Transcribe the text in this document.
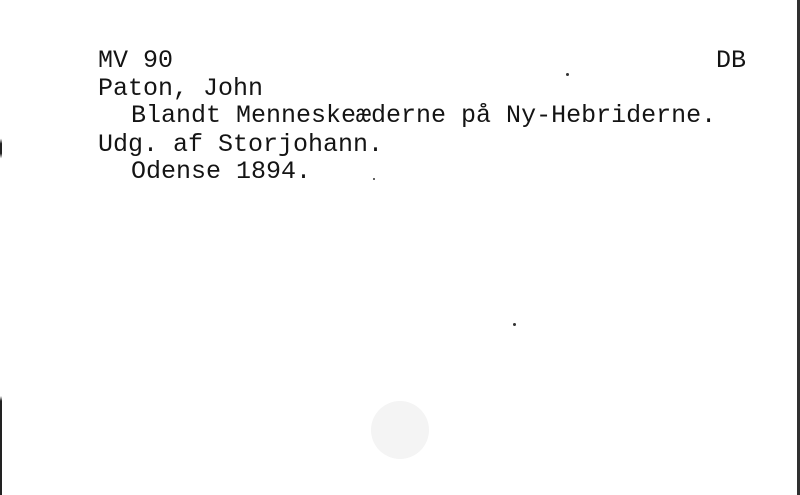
MV 90	DB
Paton, John
Blandt Menneskeæderne på Ny-Hebriderne.
Udg. af Storjohann.
Odense 1894.
